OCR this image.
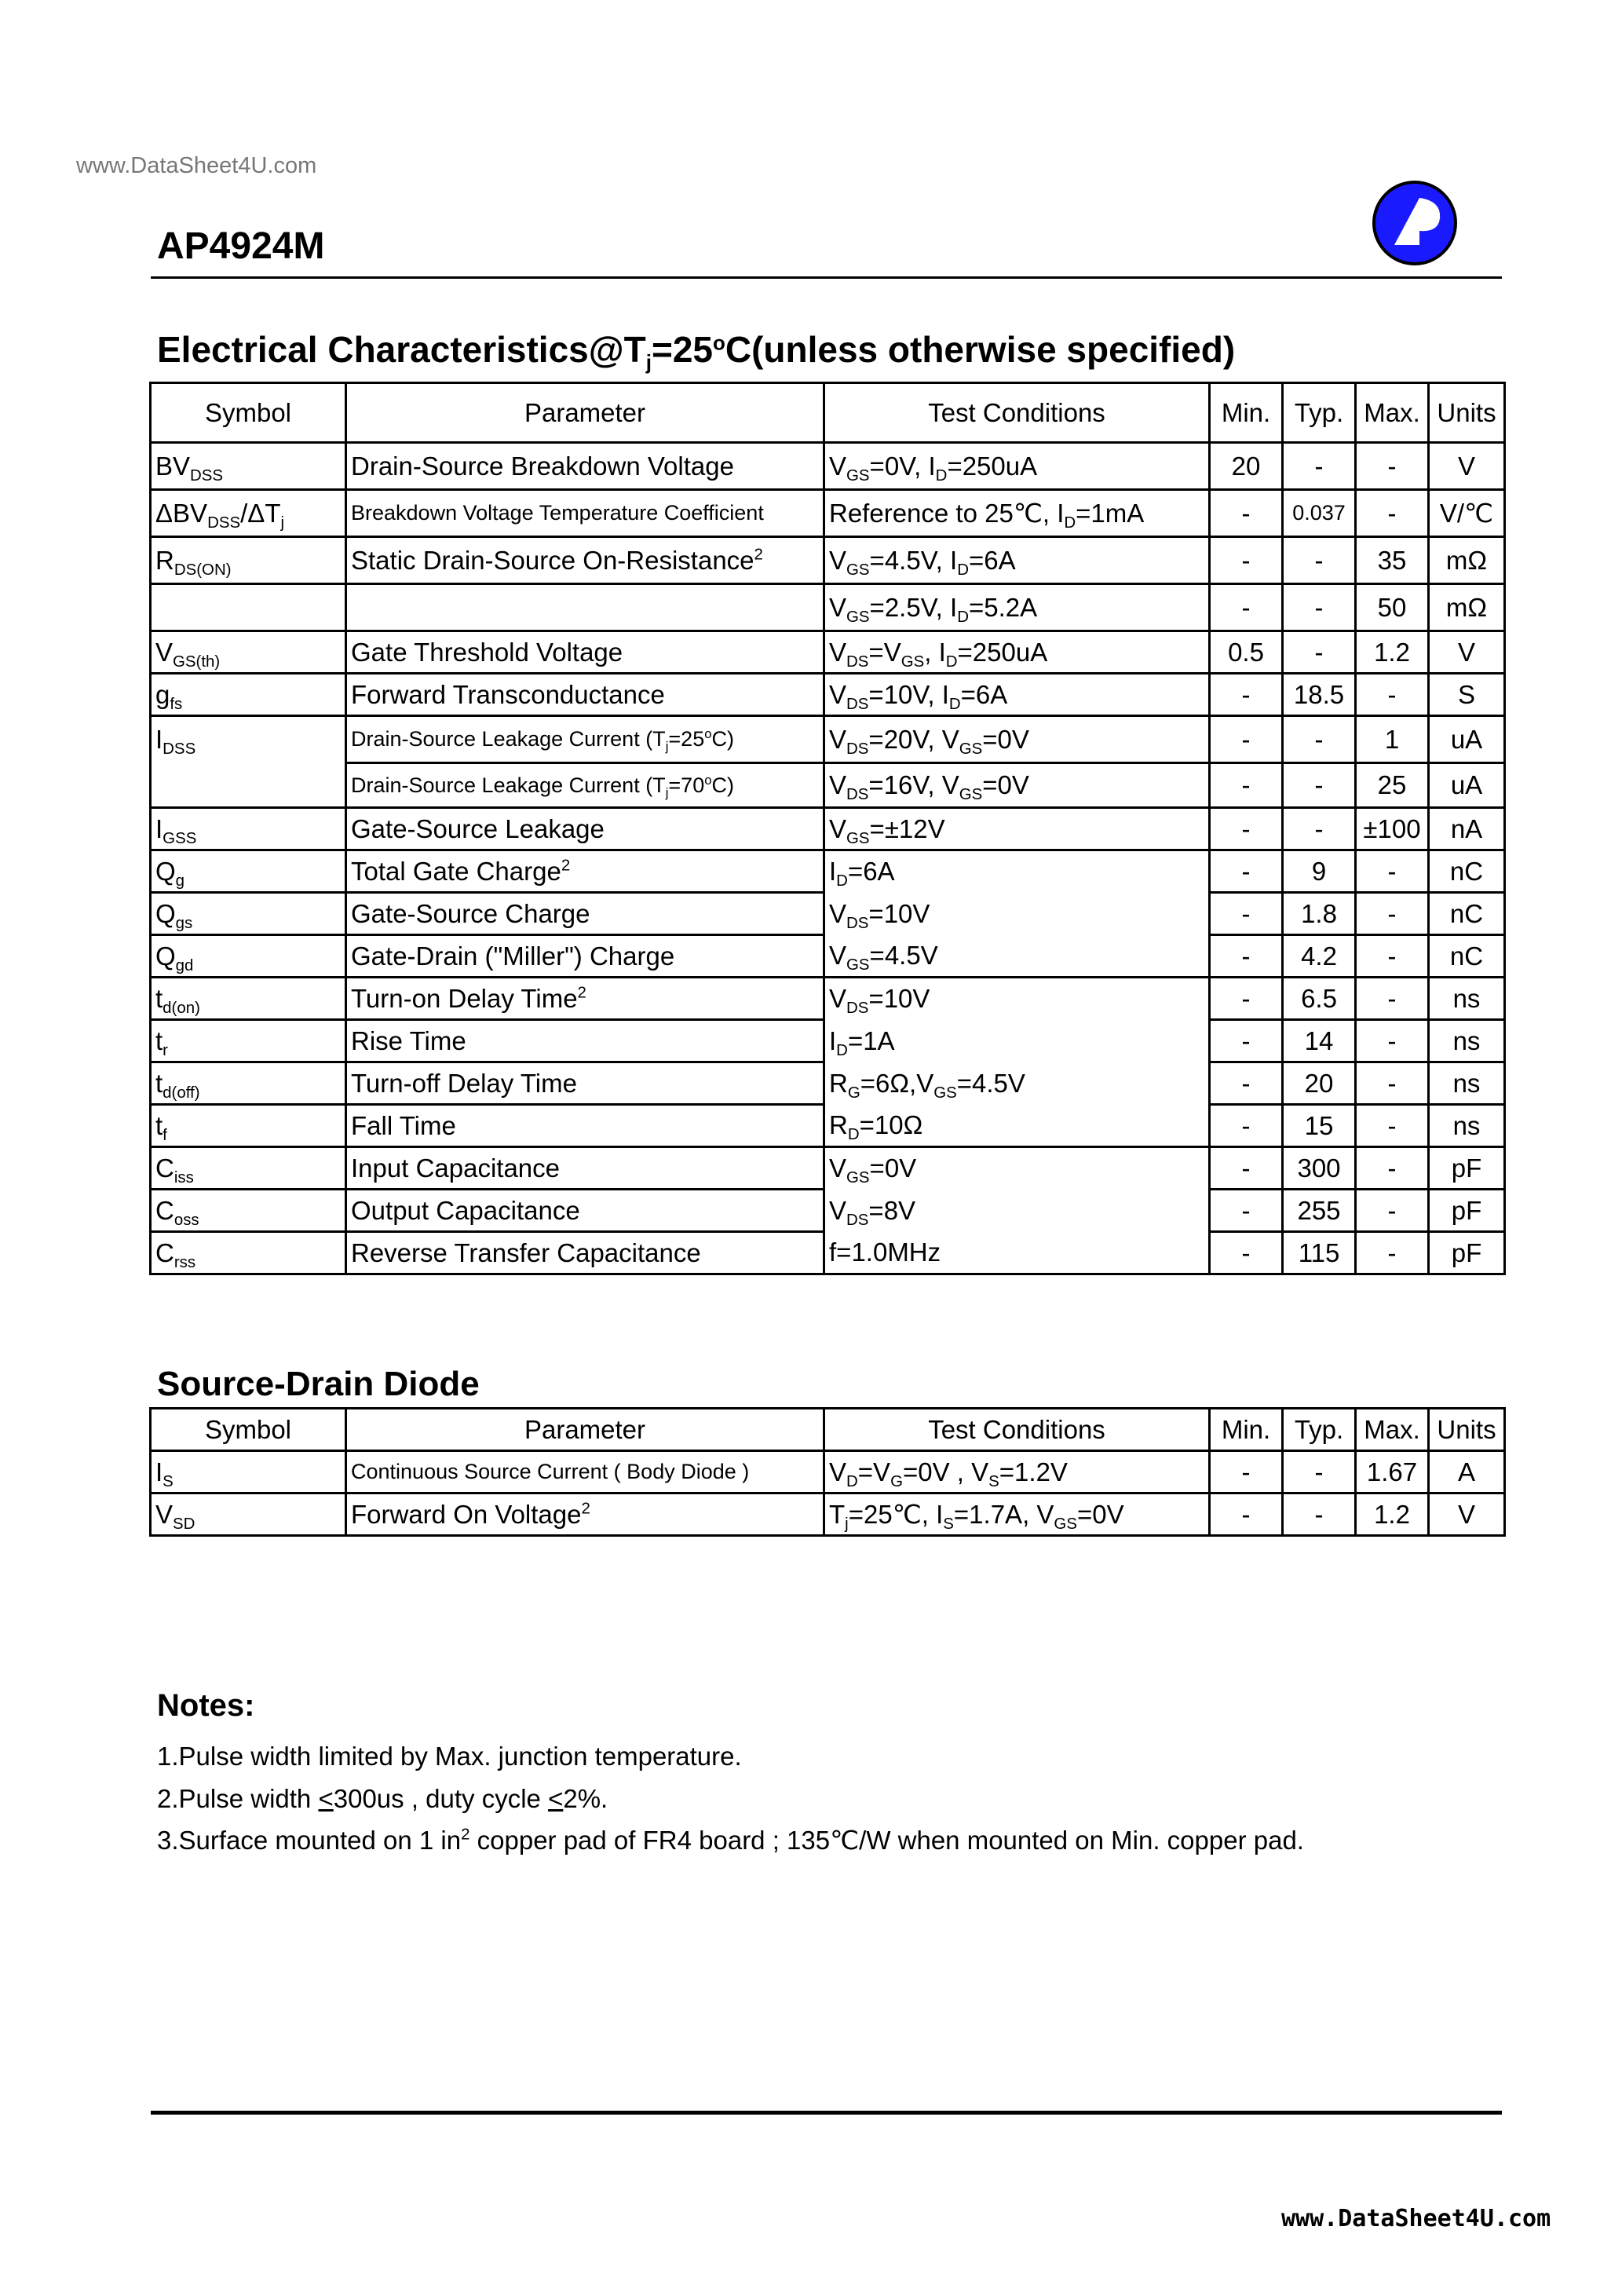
www.DataSheet4U.com
AP4924M
Electrical $Characteristics@T_j=25^oC(unless$ otherwise specified)
Symbol	Parameter	Test Conditions	Min.	Typ.	Max.	Units
$BV_{DSS}$	Drain-Source Breakdown Voltage	$V_{GS}=0V$, $I_D=250uA$	20	-	-	V
$\Delta BV_{DSS}/\Delta T_j$	Breakdown Voltage Temperature Coefficient	Reference to 25℃, $I_D=1mA$	-	0.037	-	V/℃
$R_{DS(ON)}$	Static Drain-Source On-Resistance$^2$	$V_{GS}=4.5V$, $I_D=6A$	-	-	35	mΩ
		$V_{GS}=2.5V$, $I_D=5.2A$	-	-	50	mΩ
$V_{GS(th)}$	Gate Threshold Voltage	$V_{DS}=V_{GS}$, $I_D=250uA$	0.5	-	1.2	V
$g_{fs}$	Forward Transconductance	$V_{DS}=10V$, $I_D=6A$	-	18.5	-	S
$I_{DSS}$	Drain-Source Leakage Current $(T_j=25^oC)$	$V_{DS}=20V$, $V_{GS}=0V$	-	-	1	uA
	Drain-Source Leakage Current $(T_j=70^oC)$	$V_{DS}=16V$, $V_{GS}=0V$	-	-	25	uA
$I_{GSS}$	Gate-Source Leakage	$V_{GS}=\pm 12V$	-	-	±100	nA
$Q_g$	Total Gate Charge$^2$	$I_D=6A$	-	9	-	nC
$Q_{gs}$	Gate-Source Charge	$V_{DS}=10V$	-	1.8	-	nC
$Q_{gd}$	Gate-Drain ("Miller") Charge	$V_{GS}=4.5V$	-	4.2	-	nC
$t_{d(on)}$	Turn-on Delay Time$^2$	$V_{DS}=10V$	-	6.5	-	ns
$t_r$	Rise Time	$I_D=1A$	-	14	-	ns
$t_{d(off)}$	Turn-off Delay Time	$R_G=6\Omega,V_{GS}=4.5V$	-	20	-	ns
$t_f$	Fall Time	$R_D=10\Omega$	-	15	-	ns
$C_{iss}$	Input Capacitance	$V_{GS}=0V$	-	300	-	pF
$C_{oss}$	Output Capacitance	$V_{DS}=8V$	-	255	-	pF
$C_{rss}$	Reverse Transfer Capacitance	f=1.0MHz	-	115	-	pF
Source-Drain Diode
Symbol	Parameter	Test Conditions	Min.	Typ.	Max.	Units
$I_S$	Continuous Source Current ( Body Diode )	$V_D=V_G=0V$ , $V_S=1.2V$	-	-	1.67	A
$V_{SD}$	Forward On Voltage$^2$	$T_j=25℃$, $I_S=1.7A$, $V_{GS}=0V$	-	-	1.2	V
Notes:
1.Pulse width limited by Max. junction temperature.
2.Pulse width <300us , duty cycle <2%.
3.Surface mounted on 1 $in^2$ copper pad of FR4 board ; 135℃/W when mounted on Min. copper pad.
www.DataSheet4U.com
